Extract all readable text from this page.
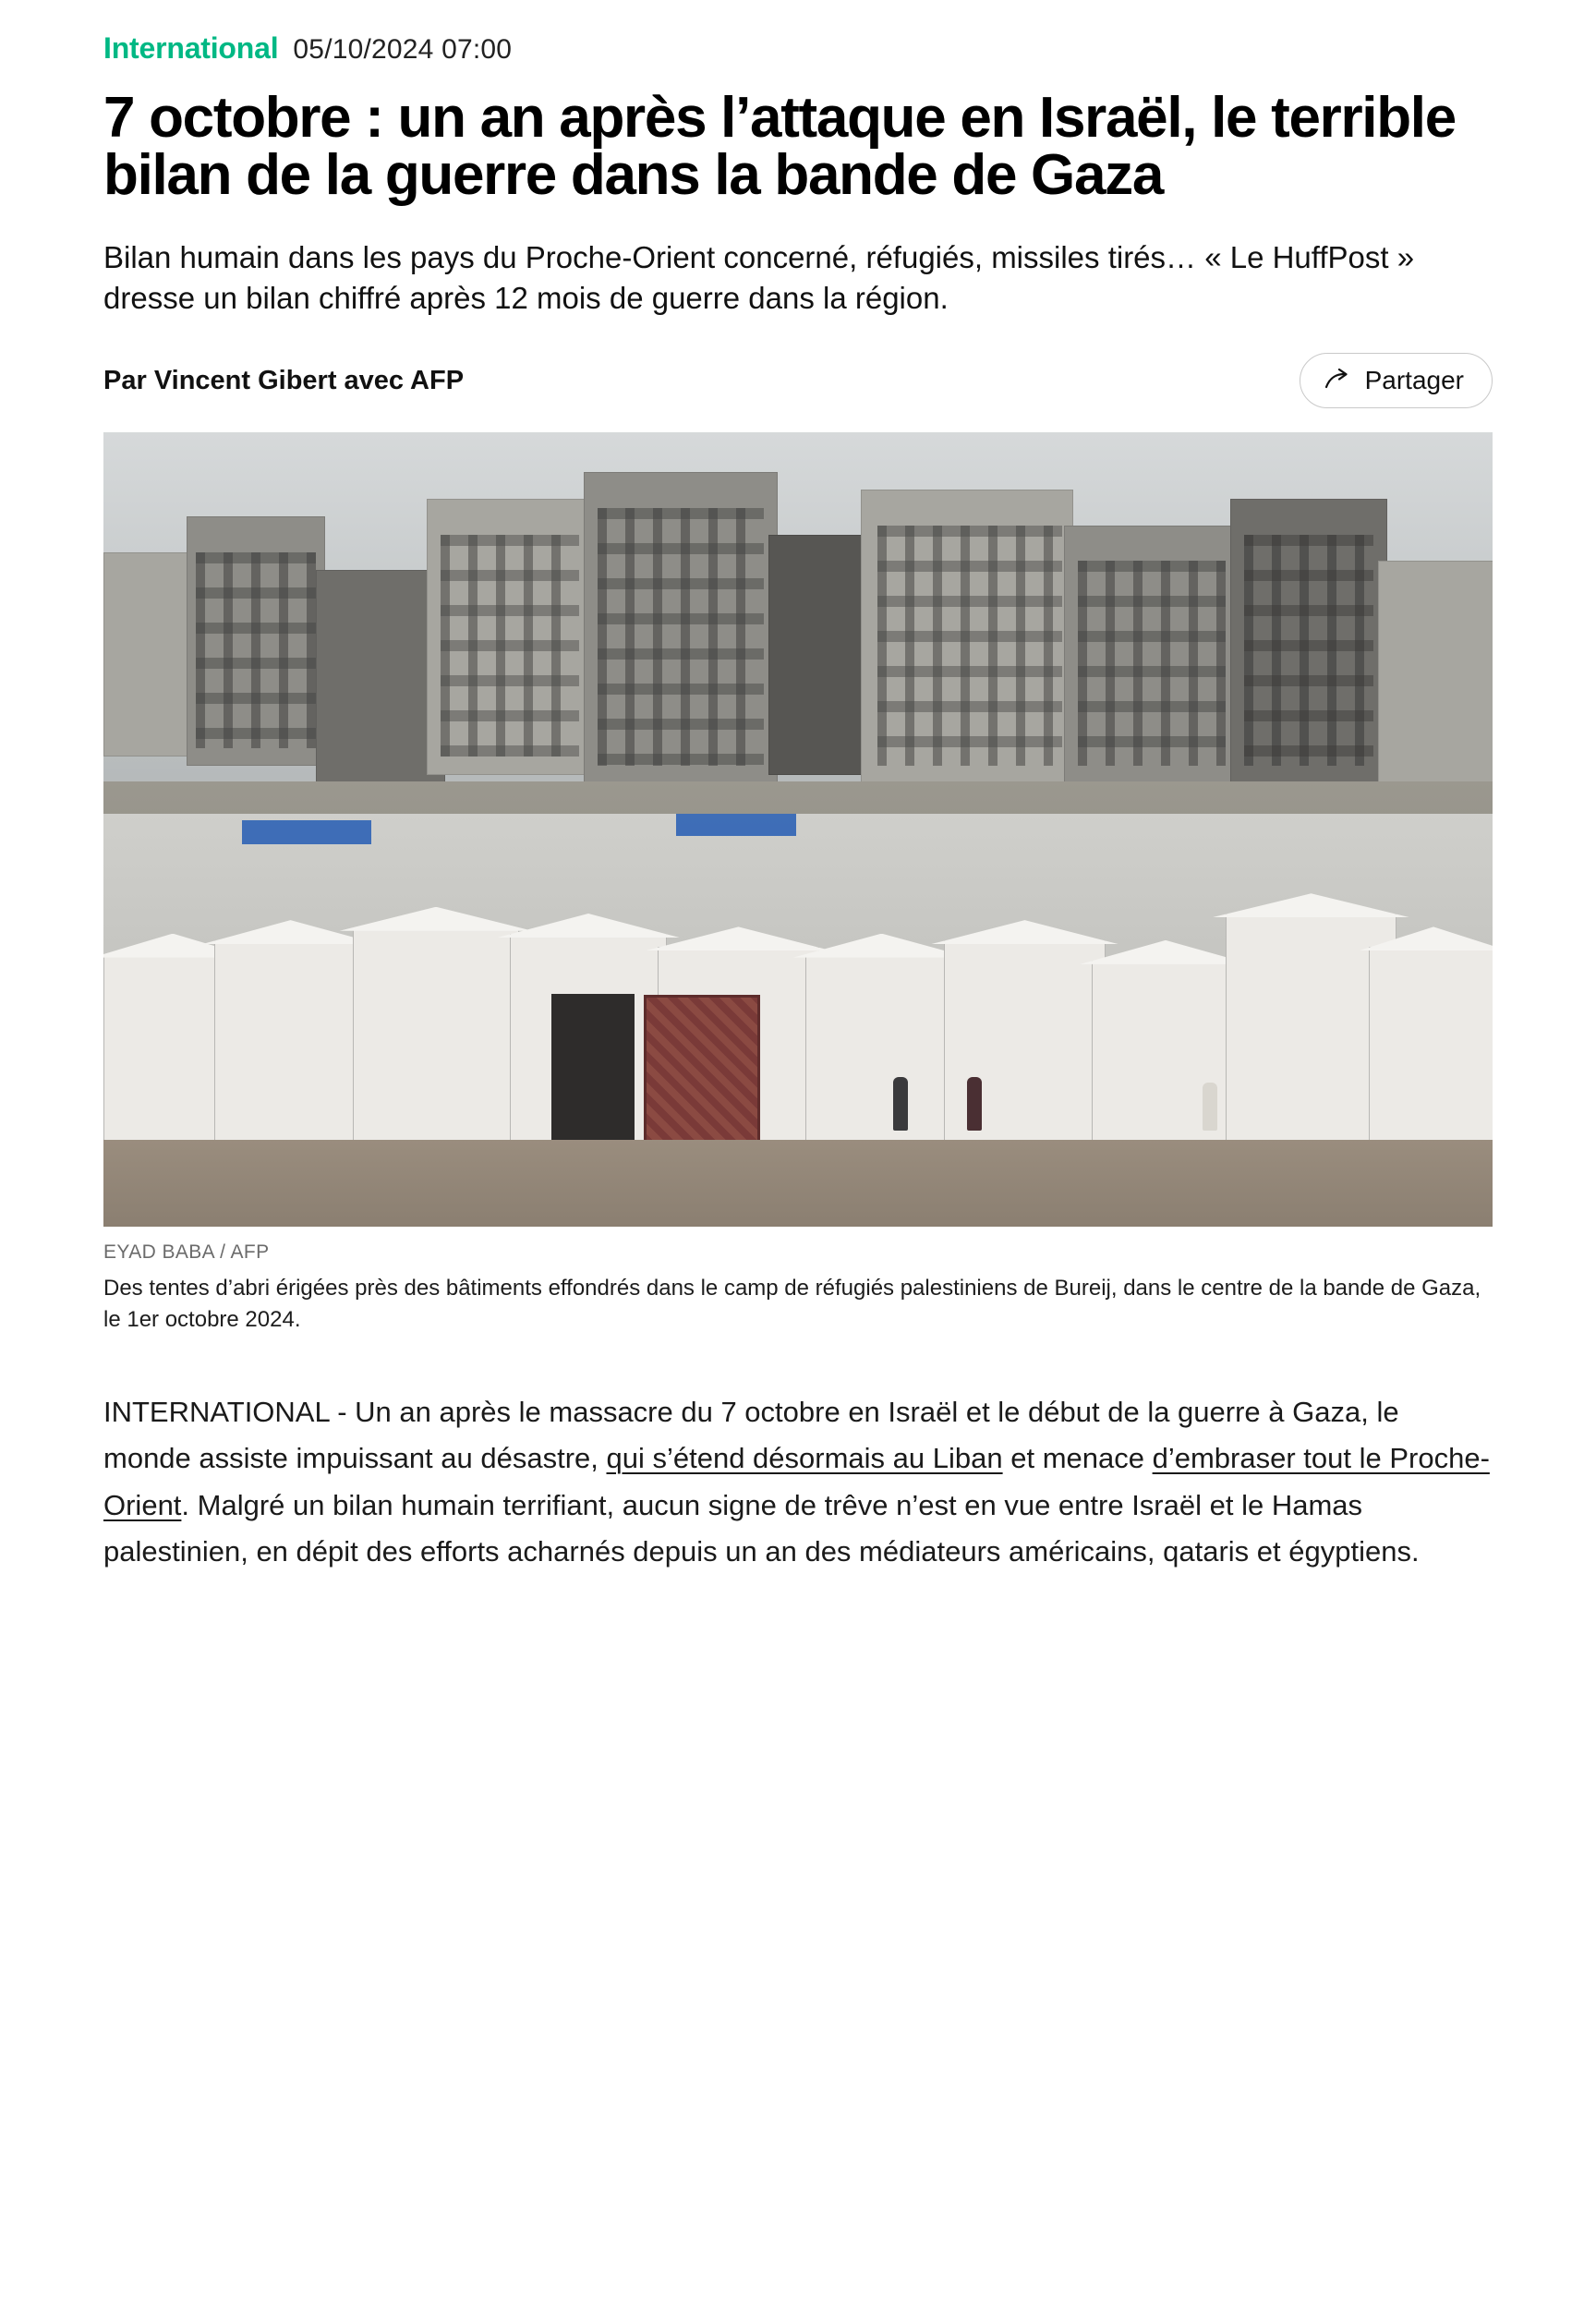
International 05/10/2024 07:00
7 octobre : un an après l’attaque en Israël, le terrible bilan de la guerre dans la bande de Gaza

Bilan humain dans les pays du Proche-Orient concerné, réfugiés, missiles tirés… « Le HuffPost » dresse un bilan chiffré après 12 mois de guerre dans la région.

Par Vincent Gibert avec AFP	Partager
EYAD BABA / AFP
Des tentes d’abri érigées près des bâtiments effondrés dans le camp de réfugiés palestiniens de Bureij, dans le centre de la bande de Gaza, le 1er octobre 2024.

INTERNATIONAL - Un an après le massacre du 7 octobre en Israël et le début de la guerre à Gaza, le monde assiste impuissant au désastre, qui s’étend désormais au Liban et menace d’embraser tout le Proche-Orient. Malgré un bilan humain terrifiant, aucun signe de trêve n’est en vue entre Israël et le Hamas palestinien, en dépit des efforts acharnés depuis un an des médiateurs américains, qataris et égyptiens.
